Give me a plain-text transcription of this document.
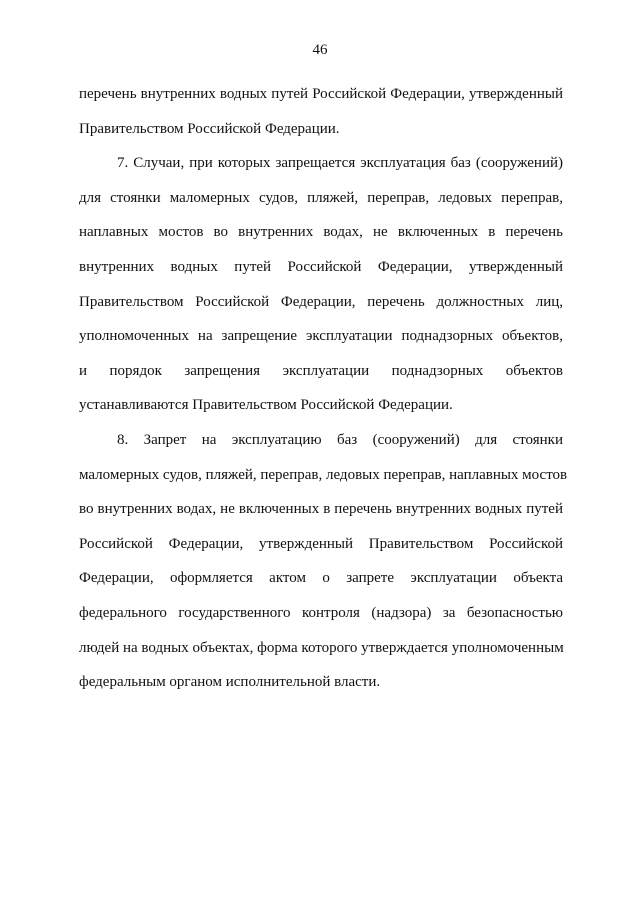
46
перечень внутренних водных путей Российской Федерации, утвержденный
Правительством Российской Федерации.
7. Случаи, при которых запрещается эксплуатация баз (сооружений)
для стоянки маломерных судов, пляжей, переправ, ледовых переправ,
наплавных мостов во внутренних водах, не включенных в перечень
внутренних водных путей Российской Федерации, утвержденный
Правительством Российской Федерации, перечень должностных лиц,
уполномоченных на запрещение эксплуатации поднадзорных объектов,
и порядок запрещения эксплуатации поднадзорных объектов
устанавливаются Правительством Российской Федерации.
8. Запрет на эксплуатацию баз (сооружений) для стоянки
маломерных судов, пляжей, переправ, ледовых переправ, наплавных мостов
во внутренних водах, не включенных в перечень внутренних водных путей
Российской Федерации, утвержденный Правительством Российской
Федерации, оформляется актом о запрете эксплуатации объекта
федерального государственного контроля (надзора) за безопасностью
людей на водных объектах, форма которого утверждается уполномоченным
федеральным органом исполнительной власти.
